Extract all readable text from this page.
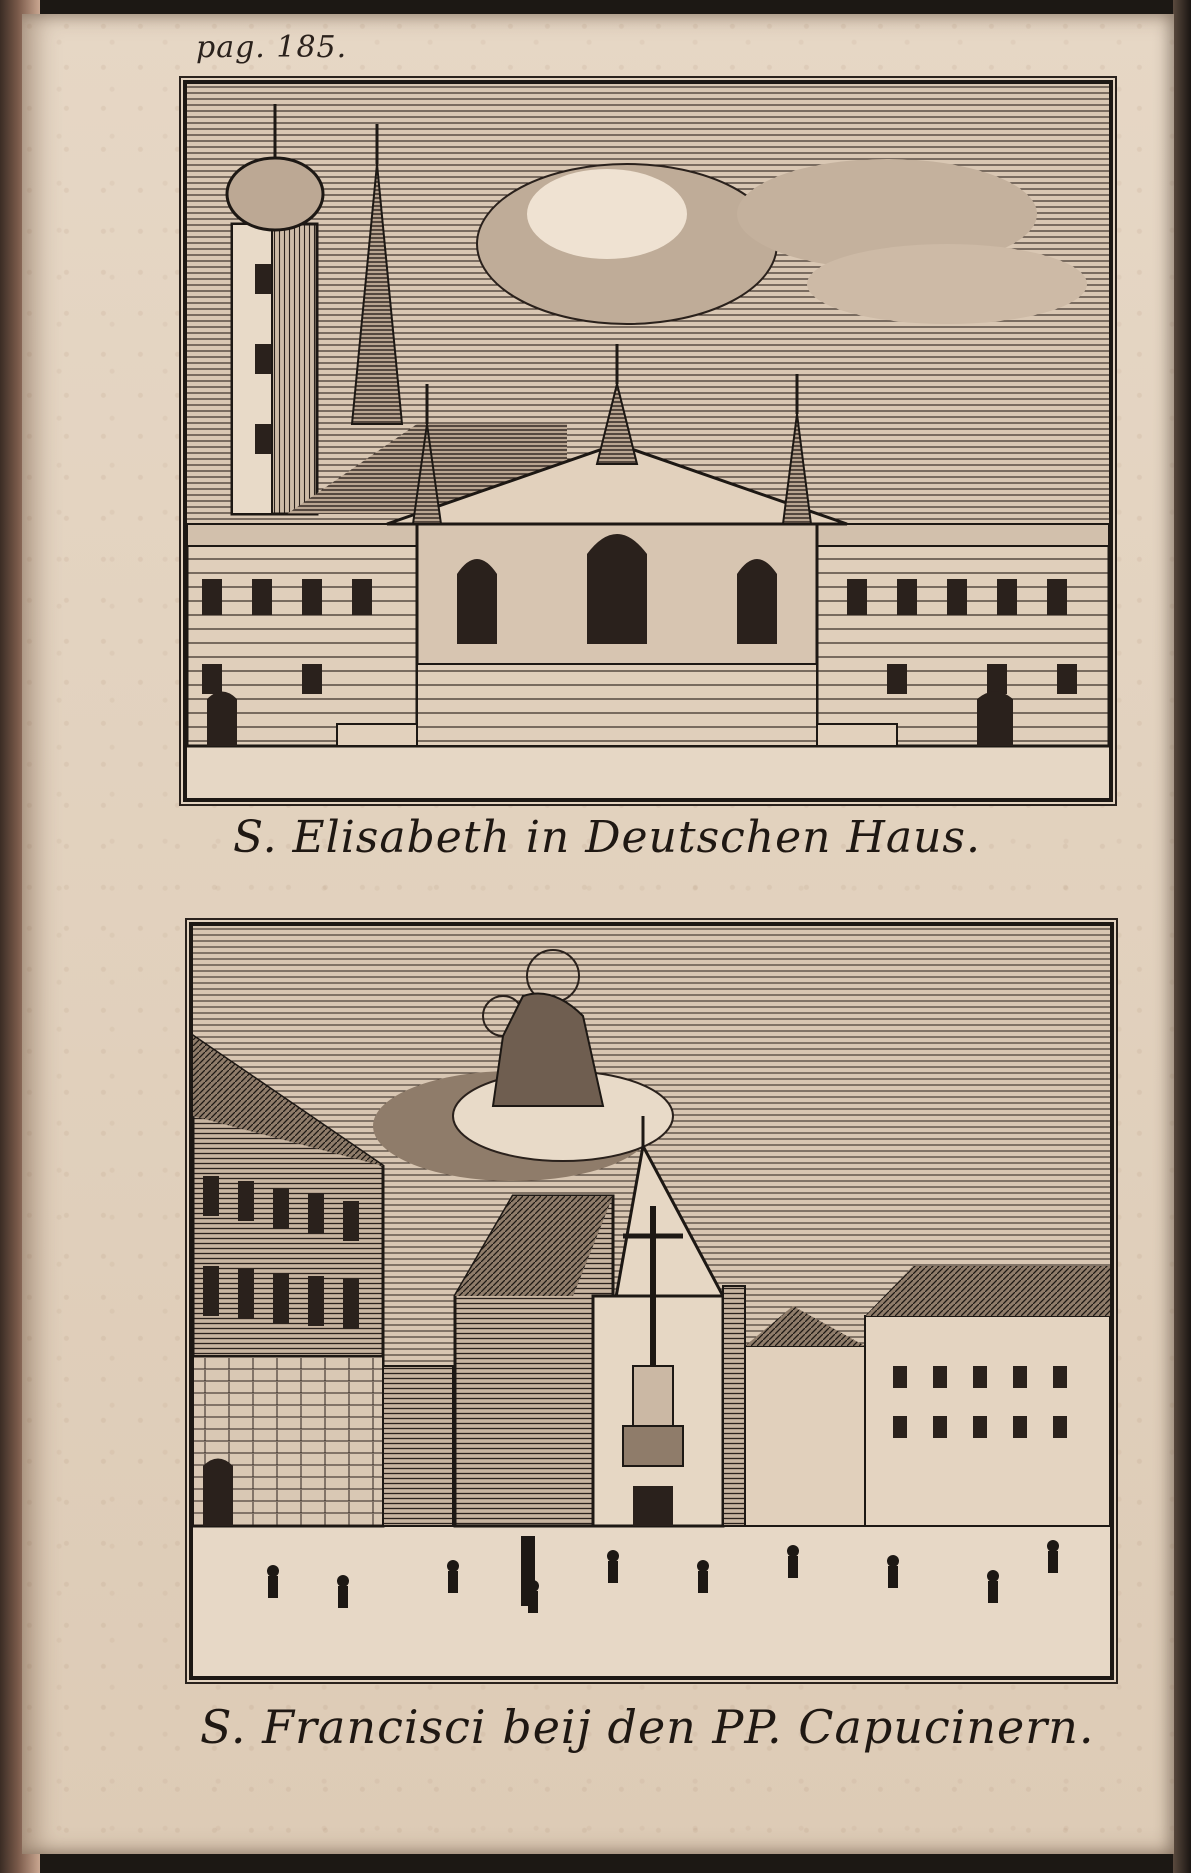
pag. 185.
S. Elisabeth in Deutschen Haus.
S. Francisci beij den PP. Capucinern.
